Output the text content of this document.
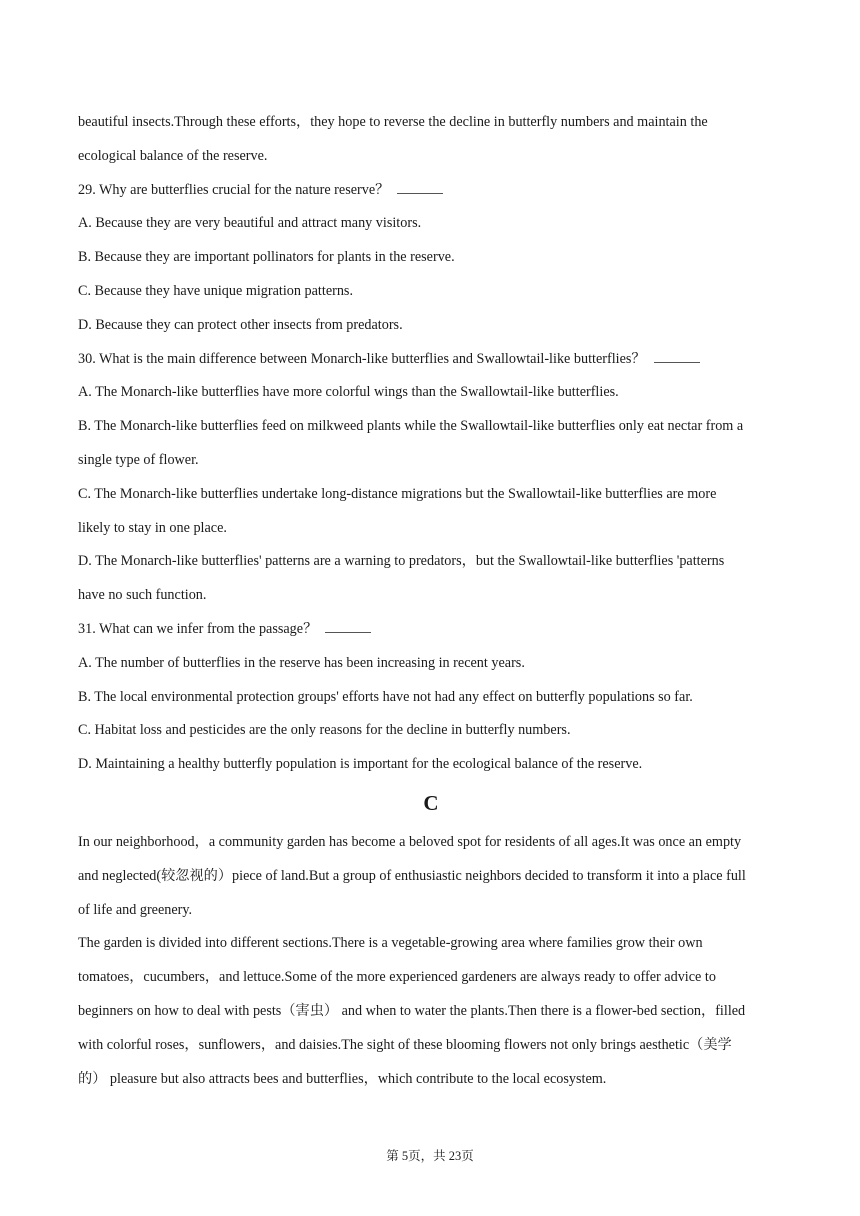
beautiful insects.Through these efforts，they hope to reverse the decline in butterfly numbers and maintain the
ecological balance of the reserve.
29. Why are butterflies crucial for the nature reserve？
A. Because they are very beautiful and attract many visitors.
B. Because they are important pollinators for plants in the reserve.
C. Because they have unique migration patterns.
D. Because they can protect other insects from predators.
30. What is the main difference between Monarch-like butterflies and Swallowtail-like butterflies？
A. The Monarch-like butterflies have more colorful wings than the Swallowtail-like butterflies.
B. The Monarch-like butterflies feed on milkweed plants while the Swallowtail-like butterflies only eat nectar from a
single type of flower.
C. The Monarch-like butterflies undertake long-distance migrations but the Swallowtail-like butterflies are more
likely to stay in one place.
D. The Monarch-like butterflies' patterns are a warning to predators，but the Swallowtail-like butterflies 'patterns
have no such function.
31. What can we infer from the passage？
A. The number of butterflies in the reserve has been increasing in recent years.
B. The local environmental protection groups' efforts have not had any effect on butterfly populations so far.
C. Habitat loss and pesticides are the only reasons for the decline in butterfly numbers.
D. Maintaining a healthy butterfly population is important for the ecological balance of the reserve.
C
In our neighborhood，a community garden has become a beloved spot for residents of all ages.It was once an empty
and neglected(较忽视的）piece of land.But a group of enthusiastic neighbors decided to transform it into a place full
of life and greenery.
The garden is divided into different sections.There is a vegetable-growing area where families grow their own
tomatoes，cucumbers，and lettuce.Some of the more experienced gardeners are always ready to offer advice to
beginners on how to deal with pests（害虫） and when to water the plants.Then there is a flower-bed section，filled
with colorful roses，sunflowers，and daisies.The sight of these blooming flowers not only brings aesthetic（美学
的） pleasure but also attracts bees and butterflies，which contribute to the local ecosystem.
第 5页，共 23页
